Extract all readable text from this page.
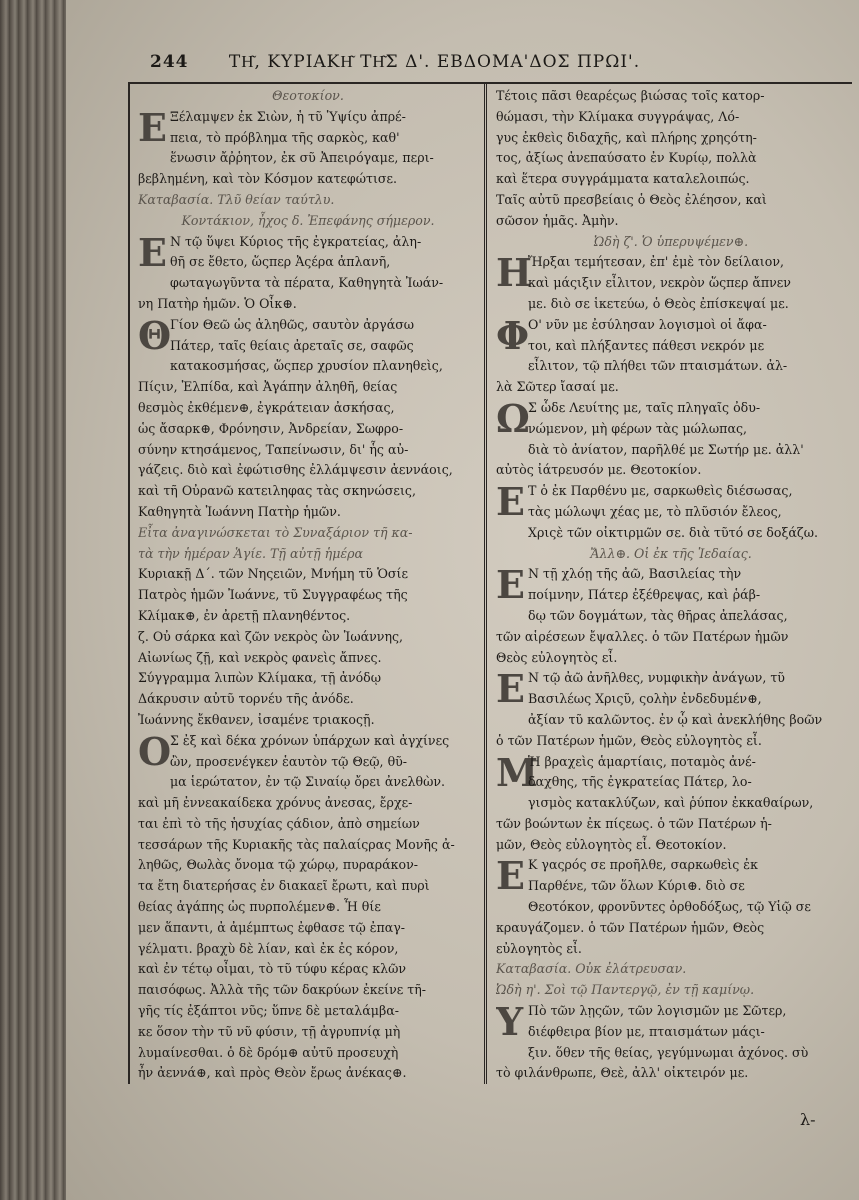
244 ΤΗ͂, ΚΥΡΙΑΚΗ͂ ΤΗ͂Σ Δ'. ΕΒΔΟΜΑ'ΔΟΣ ΠΡΩΙ'.
Θεοτοκίον.
Ε Ξέλαμψεν ἐκ Σιὼν, ἡ τῦ Ὑψίςυ ἀπρέ-
πεια, τὸ πρόβλημα τῆς σαρκὸς, καθ'
ἕνωσιν ἄῤῥητον, ἐκ σῦ Ἀπειρόγαμε, περι-
βεβλημένη, καὶ τὸν Κόσμον κατεφώτισε.
Καταβασία. Τλῦ θείαν ταύτλυ.
Κοντάκιον, ἦχος δ. Ἐπεφάνης σήμερον.
Ε Ν τῷ ὕψει Κύριος τῆς ἐγκρατείας, ἀλη-
θῆ σε ἔθετο, ὥςπερ Ἀςέρα ἀπλανῆ,
φωταγωγῦντα τὰ πέρατα, Καθηγητὰ Ἰωάν-
νη Πατὴρ ἡμῶν. Ὁ Οἶκ⊕.
Θ
Γίον Θεῶ ὡς ἀληθῶς, σαυτὸν ἀργάσω
Πάτερ, ταῖς θείαις ἀρεταῖς σε, σαφῶς
κατακοσμήσας, ὥςπερ χρυσίον πλανηθεὶς,
Πίςιν, Ἐλπίδα, καὶ Ἀγάπην ἀληθῆ, θείας
θεσμὸς ἐκθέμεν⊕, ἐγκράτειαν ἀσκήσας,
ὡς ἄσαρκ⊕, Φρόνησιν, Ἀνδρείαν, Σωφρο-
σύνην κτησάμενος, Ταπείνωσιν, δι' ἧς αὐ-
γάζεις. διὸ καὶ ἐφώτισθης ἐλλάμψεσιν ἀεννάοις,
καὶ τῆ Οὐρανῶ κατειληφας τὰς σκηνώσεις,
Καθηγητὰ Ἰωάννη Πατὴρ ἡμῶν.
Εἶτα ἀναγινώσκεται τὸ Συναξάριον τῆ κα-
τὰ τὴν ἡμέραν Ἁγίε. Τῇ αὐτῇ ἡμέρα
Κυριακῇ Δ΄. τῶν Νηςειῶν, Μνήμη τῦ Ὁσίε
Πατρὸς ἡμῶν Ἰωάννε, τῦ Συγγραφέως τῆς
Κλίμακ⊕, ἐν ἀρετῇ πλανηθέντος.
ζ. Οὐ σάρκα καὶ ζῶν νεκρὸς ὢν Ἰωάννης,
Αἰωνίως ζῇ, καὶ νεκρὸς φανεὶς ἄπνες.
Σύγγραμμα λιπὼν Κλίμακα, τῇ ἀνόδῳ
Δάκρυσιν αὐτῦ τορνέυ τῆς ἀνόδε.
Ἰωάννης ἔκθανεν, ἰσαμένε τριακοςῇ.
Ο
Σ ἐξ καὶ δέκα χρόνων ὑπάρχων καὶ ἀγχίνες
ὢν, προσενέγκεν ἑαυτὸν τῷ Θεῷ, θῦ-
μα ἱερώτατον, ἐν τῷ Σιναίῳ ὄρει ἀνελθὼν.
καὶ μῆ ἐννεακαίδεκα χρόνυς ἀνεσας, ἔρχε-
ται ἐπὶ τὸ τῆς ἡσυχίας ςάδιον, ἀπὸ σημείων
τεσσάρων τῆς Κυριακῆς τὰς παλαίςρας Μονῆς ἀ-
ληθῶς, Θωλὰς ὄνομα τῷ χώρῳ, πυραράκον-
τα ἔτη διατερήσας ἐν διακαεῖ ἔρωτι, καὶ πυρὶ
θείας ἀγάπης ὡς πυρπολέμεν⊕. Ἦ θίε
μεν ἅπαντι, ἀ ἀμέμπτως ἐφθασε τῷ ἐπαγ-
γέλματι. βραχὺ δὲ λίαν, καὶ ἐκ ἐς κόρον,
καὶ ἐν τέτῳ οἶμαι, τὸ τῦ τύφυ κέρας κλῶν
παισόφως. Ἀλλὰ τῆς τῶν δακρύων ἐκείνε τῆ-
γῆς τίς ἐξάπτοι νῦς; ὕπνε δὲ μεταλάμβα-
κε ὅσον τὴν τῦ νῦ φύσιν, τῇ ἀγρυπνίᾳ μὴ
λυμαίνεσθαι. ὁ δὲ δρόμ⊕ αὐτῦ προσευχὴ
ἦν ἀεννά⊕, καὶ πρὸς Θεὸν ἔρως ἀνέκας⊕.
Τέτοις πᾶσι θεαρέςως βιώσας τοῖς κατορ-
θώμασι, τὴν Κλίμακα συγγράψας, Λό-
γυς ἐκθεὶς διδαχῆς, καὶ πλήρης χρηςότη-
τος, ἀξίως ἀνεπαύσατο ἐν Κυρίῳ, πολλὰ
καὶ ἕτερα συγγράμματα καταλελοιπώς.
Ταῖς αὐτῦ πρεσβείαις ὁ Θεὸς ἐλέησον, καὶ
σῶσον ἡμᾶς. Ἀμὴν.
Ὠδὴ ζ'. Ὁ ὑπερυψέμεν⊕.
Η
Ἤρξαι τεμήτεσαν, ἐπ' ἐμὲ τὸν δείλαιον,
καὶ μάςιξιν εἶλιτον, νεκρὸν ὥςπερ ἄπνεν
με. διὸ σε ἱκετεύω, ὁ Θεὸς ἐπίσκεψαί με.
Φ
Ο' νῦν με ἐσύλησαν λογισμοὶ οἱ ἄφα-
τοι, καὶ πλήξαντες πάθεσι νεκρόν με
εἶλιτον, τῷ πλήθει τῶν πταισμάτων. ἀλ-
λὰ Σῶτερ ἴασαί με.
Ω
Σ ὧδε Λευίτης με, ταῖς πληγαῖς ὀδυ-
νώμενον, μὴ φέρων τὰς μώλωπας,
διὰ τὸ ἀνίατον, παρῆλθέ με Σωτήρ με. ἀλλ'
αὐτὸς ἰάτρευσόν με. Θεοτοκίον.
Ε Τ ὁ ἐκ Παρθένυ με, σαρκωθεὶς διέσωσας,
τὰς μώλωψι χέας με, τὸ πλῦσιόν ἔλεος,
Χριςὲ τῶν οἰκτιρμῶν σε. διὰ τῦτό σε δοξάζω.
Ἄλλ⊕. Οἱ ἐκ τῆς Ἰεδαίας.
Ε Ν τῇ χλόῃ τῆς ἀῶ, Βασιλείας τὴν
ποίμνην, Πάτερ ἐξέθρεψας, καὶ ῥάβ-
δῳ τῶν δογμάτων, τὰς θῆρας ἀπελάσας,
τῶν αἱρέσεων ἔψαλλες. ὁ τῶν Πατέρων ἡμῶν
Θεὸς εὐλογητὸς εἶ.
Ε Ν τῷ ἀῶ ἀνῆλθες, νυμφικὴν ἀνάγων, τῦ
Βασιλέως Χριςῦ, ςολὴν ἐνδεδυμέν⊕,
ἀξίαν τῦ καλῶντος. ἐν ᾧ καὶ ἀνεκλήθης βοῶν
ὁ τῶν Πατέρων ἡμῶν, Θεὸς εὐλογητὸς εἶ.
Μ
Ἡ βραχεὶς ἁμαρτίαις, ποταμὸς ἀνέ-
δαχθης, τῆς ἐγκρατείας Πάτερ, λο-
γισμὸς κατακλύζων, καὶ ῥύπον ἐκκαθαίρων,
τῶν βοώντων ἐκ πίςεως. ὁ τῶν Πατέρων ἡ-
μῶν, Θεὸς εὐλογητὸς εἶ. Θεοτοκίον.
Ε Κ γαςρός σε προῆλθε, σαρκωθεὶς ἐκ
Παρθένε, τῶν ὅλων Κύρι⊕. διὸ σε
Θεοτόκον, φρονῦντες ὀρθοδόξως, τῷ Υἱῷ σε
κραυγάζομεν. ὁ τῶν Πατέρων ἡμῶν, Θεὸς
εὐλογητὸς εἶ.
Καταβασία. Οὐκ ἐλάτρευσαν.
Ὠδὴ η'. Σοὶ τῷ Παντεργῷ, ἐν τῇ καμίνῳ.
Υ Πὸ τῶν λῃςῶν, τῶν λογισμῶν με Σῶτερ,
διέφθειρα βίον με, πταισμάτων μάςι-
ξιν. ὅθεν τῆς θείας, γεγύμνωμαι ἀχόνος. σὺ
τὸ φιλάνθρωπε, Θεὲ, ἀλλ' οἰκτειρόν με.
λ-
